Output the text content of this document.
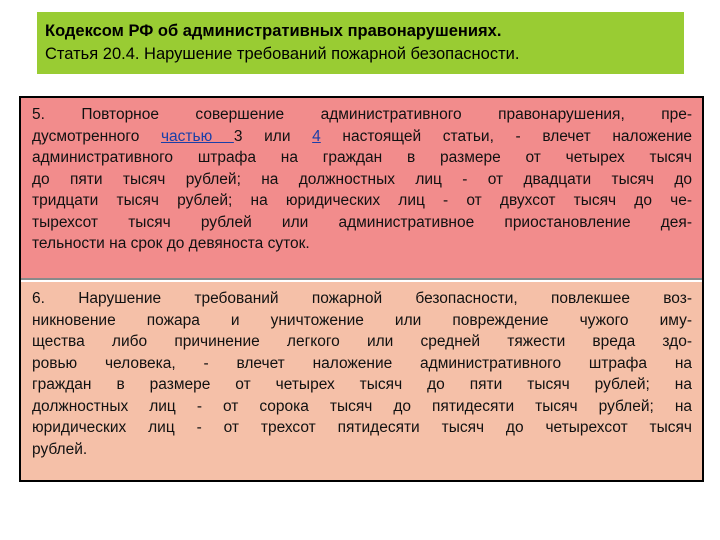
Кодексом РФ об административных правонарушениях.
Статья 20.4. Нарушение требований пожарной безопасности.
5. Повторное совершение административного правонарушения, пре-
дусмотренного частью 3 или 4 настоящей статьи, - влечет наложение
административного штрафа на граждан в размере от четырех тысяч
до пяти тысяч рублей; на должностных лиц - от двадцати тысяч до
тридцати тысяч рублей; на юридических лиц - от двухсот тысяч до че-
тырехсот тысяч рублей или административное приостановление дея-
тельности на срок до девяноста суток.
6. Нарушение требований пожарной безопасности, повлекшее воз-
никновение пожара и уничтожение или повреждение чужого иму-
щества либо причинение легкого или средней тяжести вреда здо-
ровью человека, - влечет наложение административного штрафа на
граждан в размере от четырех тысяч до пяти тысяч рублей; на
должностных лиц - от сорока тысяч до пятидесяти тысяч рублей; на
юридических лиц - от трехсот пятидесяти тысяч до четырехсот тысяч
рублей.
